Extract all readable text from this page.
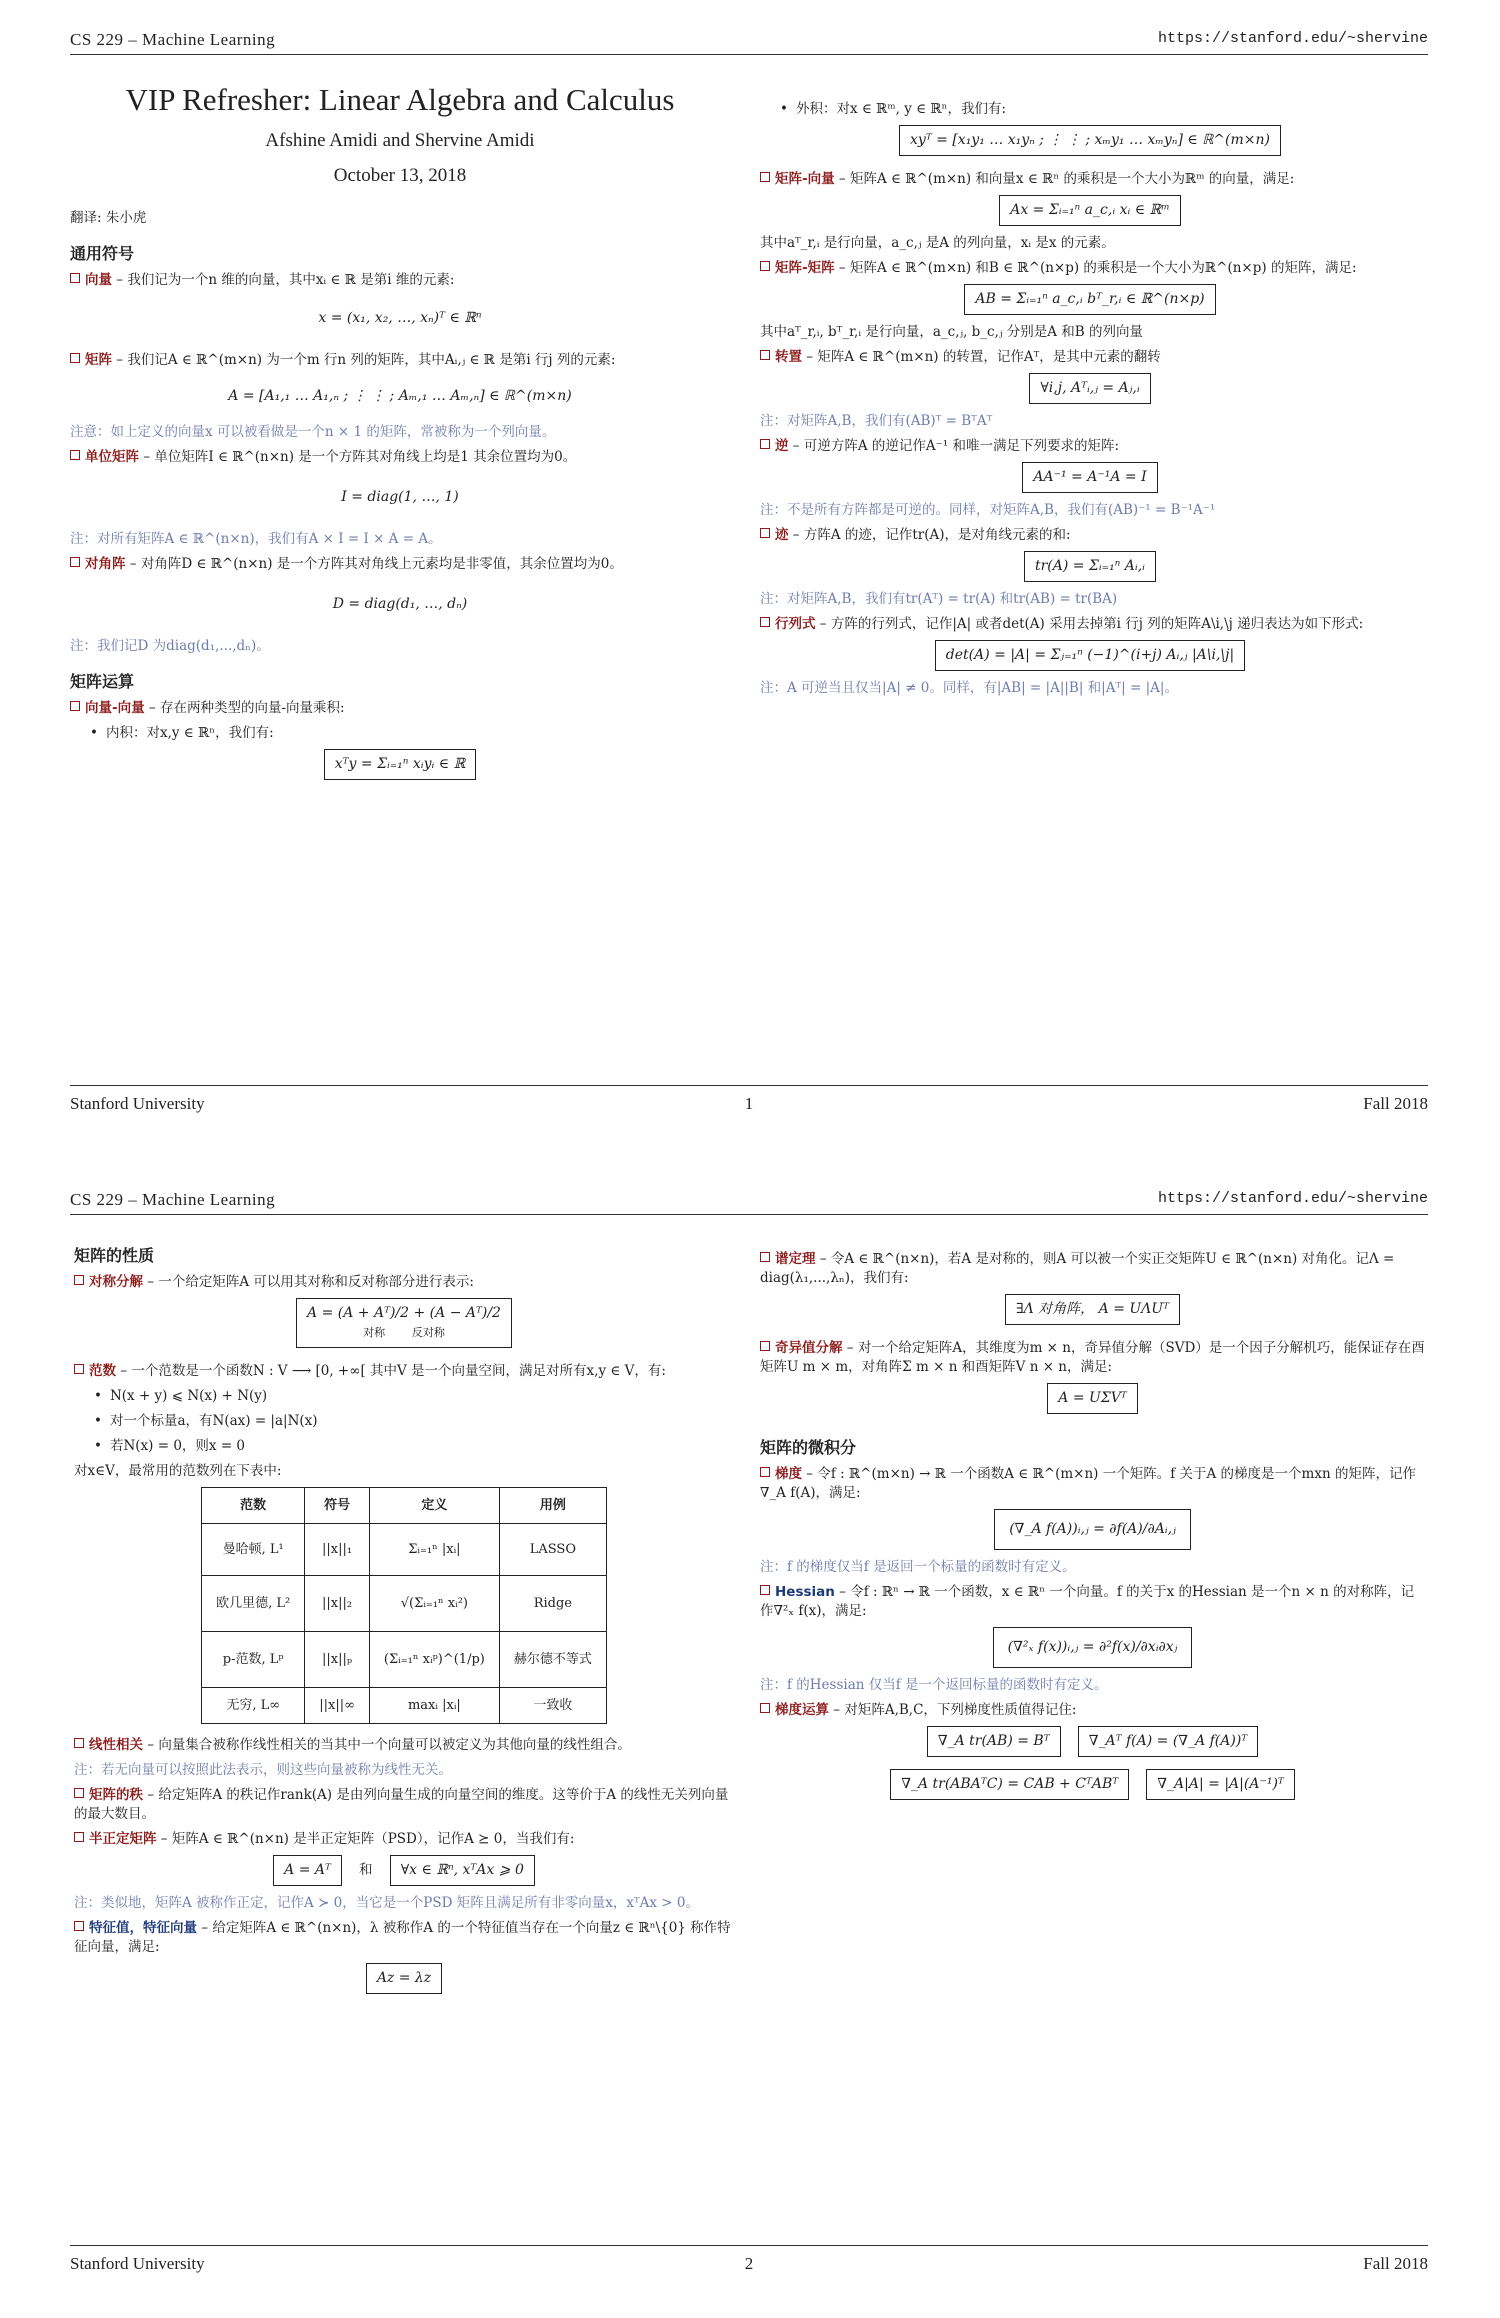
CS 229 – Machine Learning	https://stanford.edu/~shervine

VIP Refresher: Linear Algebra and Calculus

Afshine Amidi and Shervine Amidi

October 13, 2018

翻译: 朱小虎

通用符号

向量 – 我们记为一个n 维的向量，其中xᵢ ∈ ℝ 是第i 维的元素:

x = (x₁, x₂, …, xₙ)ᵀ ∈ ℝⁿ

矩阵 – 我们记A ∈ ℝ^(m×n) 为一个m 行n 列的矩阵，其中Aᵢ,ⱼ ∈ ℝ 是第i 行j 列的元素:

A = [A₁,₁ … A₁,ₙ ; ⋮ ⋮ ; Aₘ,₁ … Aₘ,ₙ] ∈ ℝ^(m×n)

注意：如上定义的向量x 可以被看做是一个n × 1 的矩阵，常被称为一个列向量。

单位矩阵 – 单位矩阵I ∈ ℝ^(n×n) 是一个方阵其对角线上均是1 其余位置均为0。

I = diag(1, …, 1)

注：对所有矩阵A ∈ ℝ^(n×n)，我们有A × I = I × A = A。

对角阵 – 对角阵D ∈ ℝ^(n×n) 是一个方阵其对角线上元素均是非零值，其余位置均为0。

D = diag(d₁, …, dₙ)

注：我们记D 为diag(d₁,...,dₙ)。

矩阵运算

向量-向量 – 存在两种类型的向量-向量乘积:

• 内积：对x,y ∈ ℝⁿ，我们有:
xᵀy = Σᵢ₌₁ⁿ xᵢyᵢ ∈ ℝ
• 外积：对x ∈ ℝᵐ, y ∈ ℝⁿ，我们有:
xyᵀ = [x₁y₁ … x₁yₙ ; ⋮ ⋮ ; xₘy₁ … xₘyₙ] ∈ ℝ^(m×n)

矩阵-向量 – 矩阵A ∈ ℝ^(m×n) 和向量x ∈ ℝⁿ 的乘积是一个大小为ℝᵐ 的向量，满足:

Ax = Σᵢ₌₁ⁿ a_c,ᵢ xᵢ ∈ ℝᵐ

其中aᵀ_r,ᵢ 是行向量，a_c,ⱼ 是A 的列向量，xᵢ 是x 的元素。

矩阵-矩阵 – 矩阵A ∈ ℝ^(m×n) 和B ∈ ℝ^(n×p) 的乘积是一个大小为ℝ^(n×p) 的矩阵，满足:

AB = Σᵢ₌₁ⁿ a_c,ᵢ bᵀ_r,ᵢ ∈ ℝ^(n×p)

其中aᵀ_r,ᵢ, bᵀ_r,ᵢ 是行向量，a_c,ⱼ, b_c,ⱼ 分别是A 和B 的列向量

转置 – 矩阵A ∈ ℝ^(m×n) 的转置，记作Aᵀ，是其中元素的翻转

∀i,j, Aᵀᵢ,ⱼ = Aⱼ,ᵢ

注：对矩阵A,B，我们有(AB)ᵀ = BᵀAᵀ

逆 – 可逆方阵A 的逆记作A⁻¹ 和唯一满足下列要求的矩阵:

AA⁻¹ = A⁻¹A = I

注：不是所有方阵都是可逆的。同样，对矩阵A,B，我们有(AB)⁻¹ = B⁻¹A⁻¹

迹 – 方阵A 的迹，记作tr(A)，是对角线元素的和:

tr(A) = Σᵢ₌₁ⁿ Aᵢ,ᵢ

注：对矩阵A,B，我们有tr(Aᵀ) = tr(A) 和tr(AB) = tr(BA)

行列式 – 方阵的行列式，记作|A| 或者det(A) 采用去掉第i 行j 列的矩阵A\i,\j 递归表达为如下形式:

det(A) = |A| = Σⱼ₌₁ⁿ (−1)^(i+j) Aᵢ,ⱼ |A\i,\j|

注：A 可逆当且仅当|A| ≠ 0。同样，有|AB| = |A||B| 和|Aᵀ| = |A|。

Stanford University	1	Fall 2018
CS 229 – Machine Learning	https://stanford.edu/~shervine
矩阵的性质

对称分解 – 一个给定矩阵A 可以用其对称和反对称部分进行表示:

A = (A + Aᵀ)/2 + (A − Aᵀ)/2
对称 反对称

范数 – 一个范数是一个函数N : V ⟶ [0, +∞[ 其中V 是一个向量空间，满足对所有x,y ∈ V，有:

• N(x + y) ⩽ N(x) + N(y)
• 对一个标量a，有N(ax) = |a|N(x)
• 若N(x) = 0，则x = 0

对x∈V，最常用的范数列在下表中:

范数	符号	定义	用例
曼哈顿, L¹	||x||₁	Σᵢ₌₁ⁿ |xᵢ|	LASSO
欧几里德, L²	||x||₂	√(Σᵢ₌₁ⁿ xᵢ²)	Ridge
p-范数, Lᵖ	||x||ₚ	(Σᵢ₌₁ⁿ xᵢᵖ)^(1/p)	赫尔德不等式
无穷, L∞	||x||∞	maxᵢ |xᵢ|	一致收

线性相关 – 向量集合被称作线性相关的当其中一个向量可以被定义为其他向量的线性组合。

注：若无向量可以按照此法表示，则这些向量被称为线性无关。

矩阵的秩 – 给定矩阵A 的秩记作rank(A) 是由列向量生成的向量空间的维度。这等价于A 的线性无关列向量的最大数目。

半正定矩阵 – 矩阵A ∈ ℝ^(n×n) 是半正定矩阵（PSD），记作A ⪰ 0，当我们有:

A = Aᵀ 和 ∀x ∈ ℝⁿ, xᵀAx ⩾ 0

注：类似地，矩阵A 被称作正定，记作A ≻ 0，当它是一个PSD 矩阵且满足所有非零向量x，xᵀAx > 0。

特征值，特征向量 – 给定矩阵A ∈ ℝ^(n×n)，λ 被称作A 的一个特征值当存在一个向量z ∈ ℝⁿ\{0} 称作特征向量，满足:

Az = λz

谱定理 – 令A ∈ ℝ^(n×n)，若A 是对称的，则A 可以被一个实正交矩阵U ∈ ℝ^(n×n) 对角化。记Λ = diag(λ₁,...,λₙ)，我们有:

∃Λ 对角阵， A = UΛUᵀ

奇异值分解 – 对一个给定矩阵A，其维度为m × n，奇异值分解（SVD）是一个因子分解机巧，能保证存在酉矩阵U m × m，对角阵Σ m × n 和酉矩阵V n × n，满足:

A = UΣVᵀ
矩阵的微积分

梯度 – 令f : ℝ^(m×n) → ℝ 一个函数A ∈ ℝ^(m×n) 一个矩阵。f 关于A 的梯度是一个mxn 的矩阵，记作∇_A f(A)，满足:

(∇_A f(A))ᵢ,ⱼ = ∂f(A)/∂Aᵢ,ⱼ

注：f 的梯度仅当f 是返回一个标量的函数时有定义。

Hessian – 令f : ℝⁿ → ℝ 一个函数，x ∈ ℝⁿ 一个向量。f 的关于x 的Hessian 是一个n × n 的对称阵，记作∇²ₓ f(x)，满足:

(∇²ₓ f(x))ᵢ,ⱼ = ∂²f(x)/∂xᵢ∂xⱼ

注：f 的Hessian 仅当f 是一个返回标量的函数时有定义。

梯度运算 – 对矩阵A,B,C，下列梯度性质值得记住:

∇_A tr(AB) = Bᵀ	∇_Aᵀ f(A) = (∇_A f(A))ᵀ
∇_A tr(ABAᵀC) = CAB + CᵀABᵀ	∇_A|A| = |A|(A⁻¹)ᵀ
Stanford University	2	Fall 2018
